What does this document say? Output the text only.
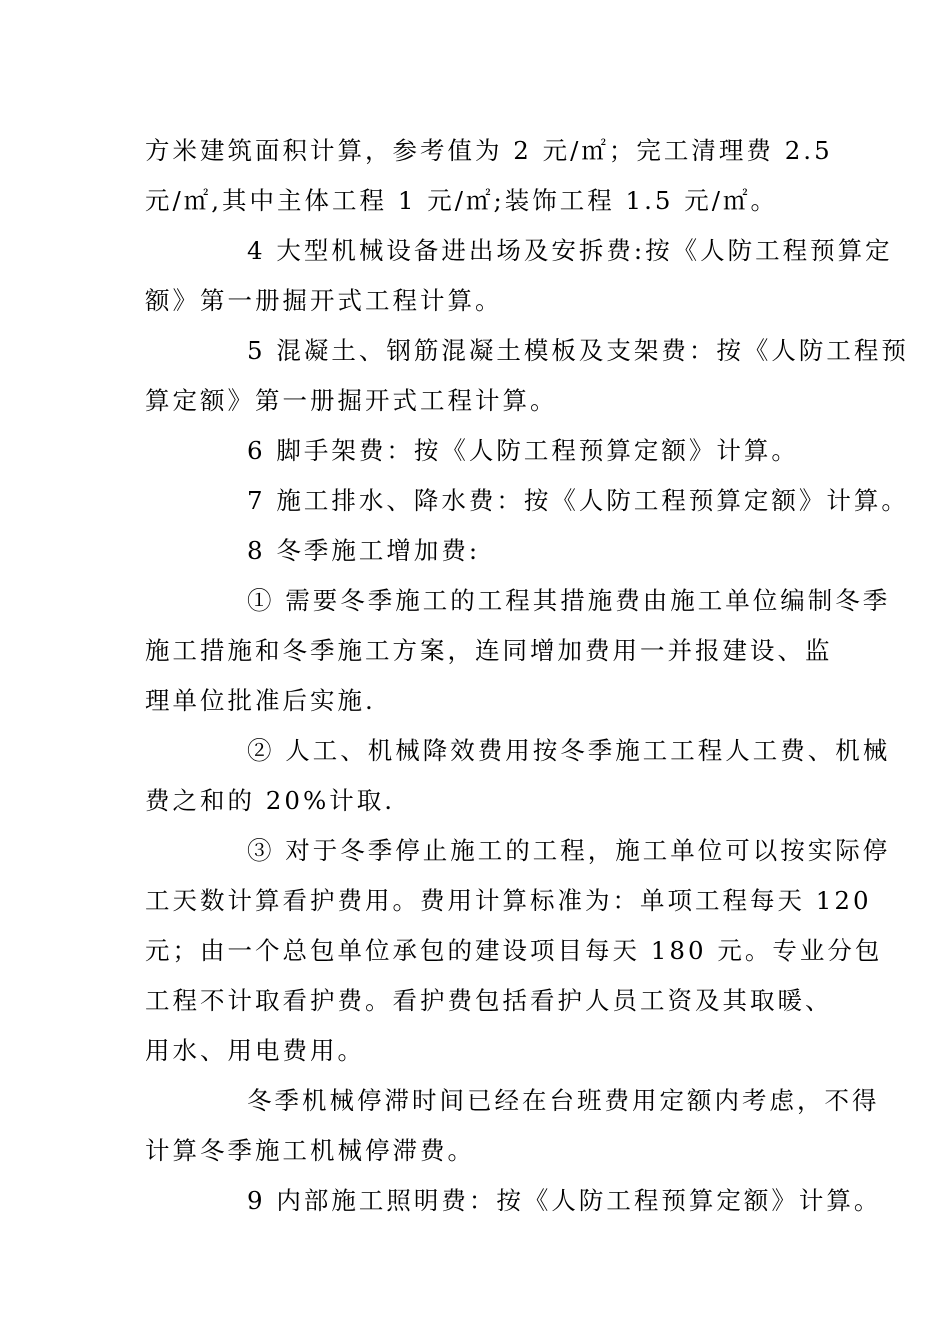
方米建筑面积计算，参考值为 2 元/㎡；完工清理费 2.5
元/㎡,其中主体工程 1 元/㎡;装饰工程 1.5 元/㎡。
4 大型机械设备进出场及安拆费:按《人防工程预算定
额》第一册掘开式工程计算。
5 混凝土、钢筋混凝土模板及支架费：按《人防工程预
算定额》第一册掘开式工程计算。
6 脚手架费：按《人防工程预算定额》计算。
7 施工排水、降水费：按《人防工程预算定额》计算。
8 冬季施工增加费:
① 需要冬季施工的工程其措施费由施工单位编制冬季
施工措施和冬季施工方案，连同增加费用一并报建设、监
理单位批准后实施.
② 人工、机械降效费用按冬季施工工程人工费、机械
费之和的 20%计取.
③ 对于冬季停止施工的工程，施工单位可以按实际停
工天数计算看护费用。费用计算标准为：单项工程每天 120
元；由一个总包单位承包的建设项目每天 180 元。专业分包
工程不计取看护费。看护费包括看护人员工资及其取暖、
用水、用电费用。
冬季机械停滞时间已经在台班费用定额内考虑，不得
计算冬季施工机械停滞费。
9 内部施工照明费：按《人防工程预算定额》计算。
